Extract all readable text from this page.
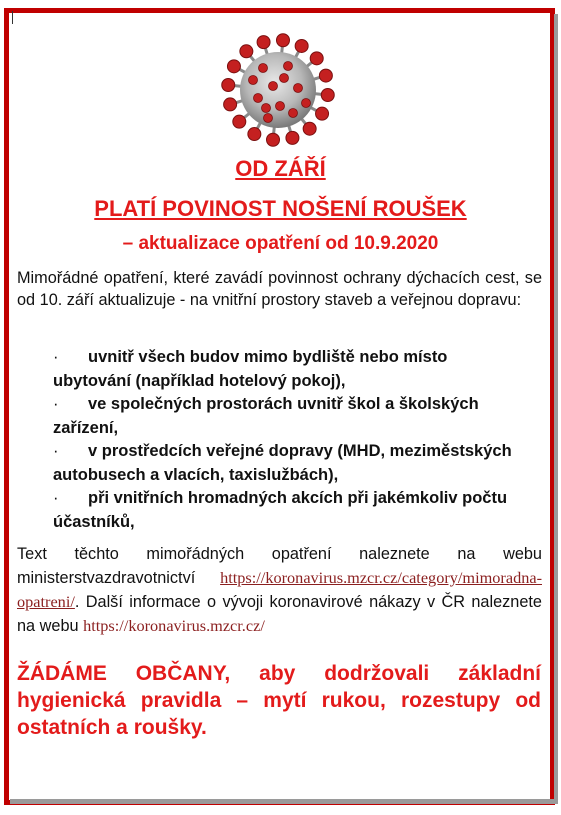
OD ZÁŘÍ
PLATÍ POVINOST NOŠENÍ ROUŠEK
– aktualizace opatření od 10.9.2020
Mimořádné opatření, které zavádí povinnost ochrany dýchacích cest, se od 10. září aktualizuje - na vnitřní prostory staveb a veřejnou dopravu:
· uvnitř všech budov mimo bydliště nebo místo ubytování (například hotelový pokoj),
· ve společných prostorách uvnitř škol a školských zařízení,
· v prostředcích veřejné dopravy (MHD, meziměstských autobusech a vlacích, taxislužbách),
· při vnitřních hromadných akcích při jakémkoliv počtu účastníků,
Text těchto mimořádných opatření naleznete na webu ministerstvazdravotnictví https://koronavirus.mzcr.cz/category/mimoradna-opatreni/. Další informace o vývoji koronavirové nákazy v ČR naleznete na webu https://koronavirus.mzcr.cz/
ŽÁDÁME OBČANY, aby dodržovali základní hygienická pravidla – mytí rukou, rozestupy od ostatních a roušky.
